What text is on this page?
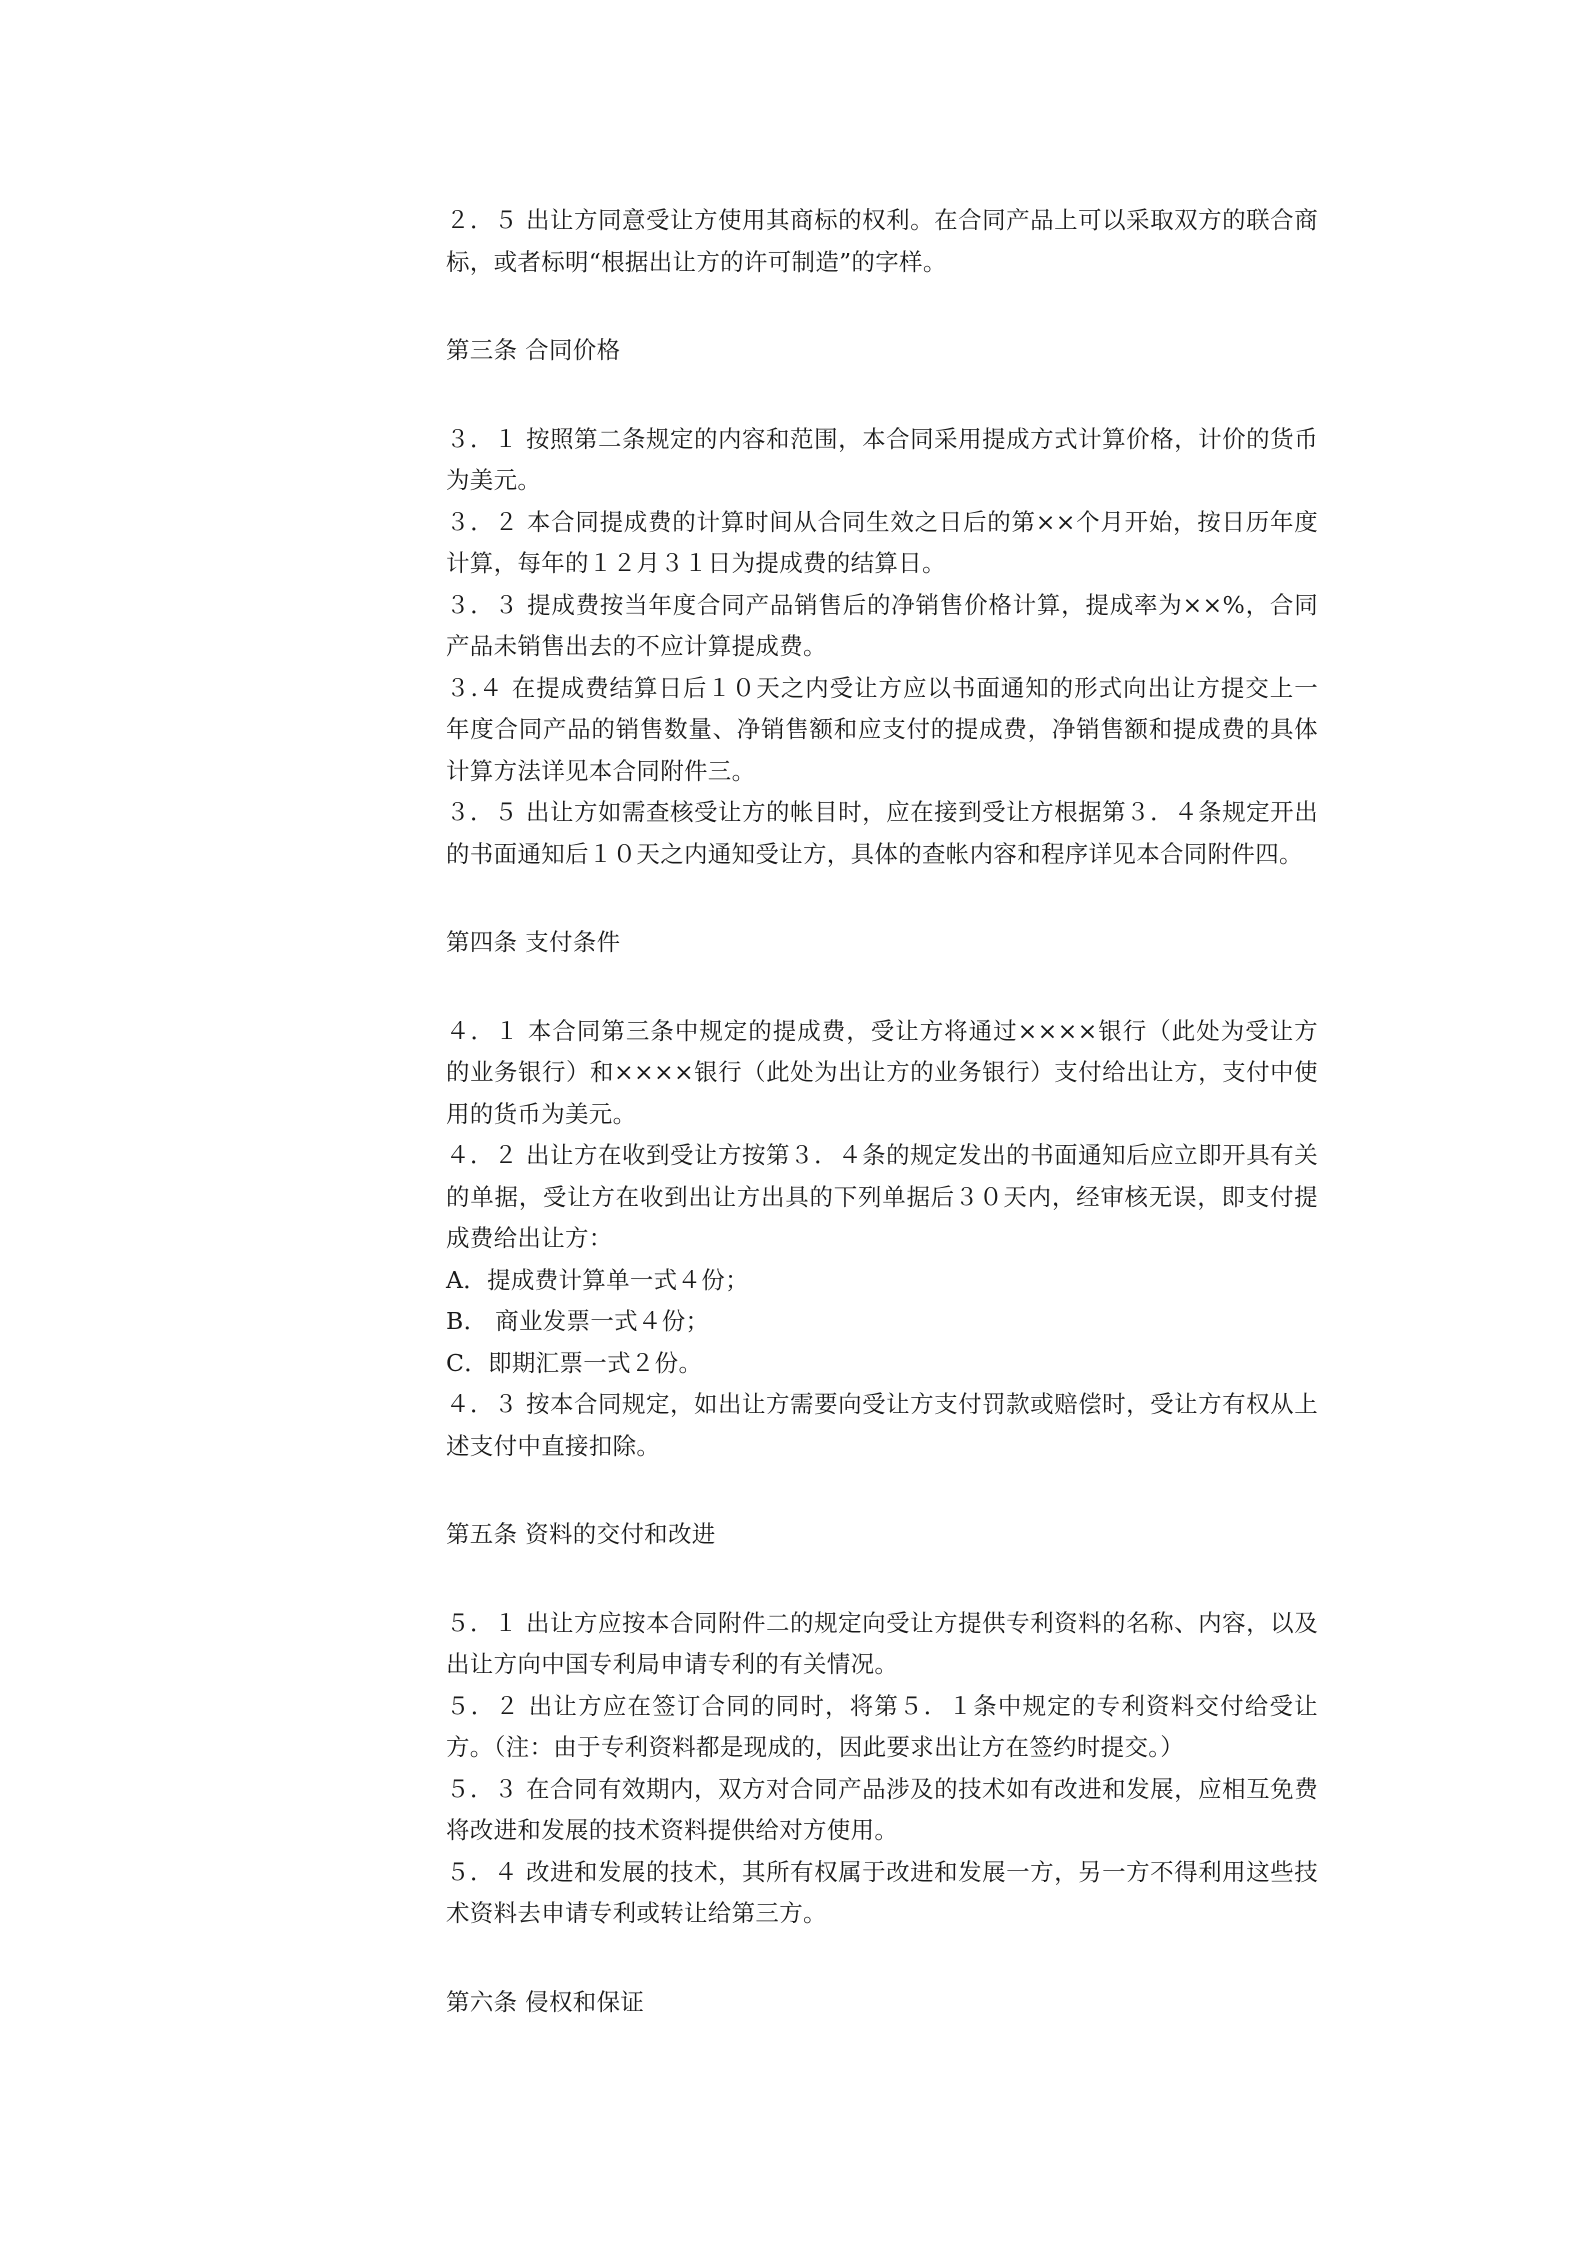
２．５ 出让方同意受让方使用其商标的权利。在合同产品上可以采取双方的联合商标，或者标明“根据出让方的许可制造”的字样。

第三条 合同价格

３．１ 按照第二条规定的内容和范围，本合同采用提成方式计算价格，计价的货币为美元。

３．２ 本合同提成费的计算时间从合同生效之日后的第××个月开始，按日历年度计算，每年的１２月３１日为提成费的结算日。

３．３ 提成费按当年度合同产品销售后的净销售价格计算，提成率为××%，合同产品未销售出去的不应计算提成费。

３.４ 在提成费结算日后１０天之内受让方应以书面通知的形式向出让方提交上一年度合同产品的销售数量、净销售额和应支付的提成费，净销售额和提成费的具体计算方法详见本合同附件三。

３．５ 出让方如需查核受让方的帐目时，应在接到受让方根据第３．４条规定开出的书面通知后１０天之内通知受让方，具体的查帐内容和程序详见本合同附件四。

第四条 支付条件

４．１ 本合同第三条中规定的提成费，受让方将通过××××银行（此处为受让方的业务银行）和××××银行（此处为出让方的业务银行）支付给出让方，支付中使用的货币为美元。

４．２ 出让方在收到受让方按第３．４条的规定发出的书面通知后应立即开具有关的单据，受让方在收到出让方出具的下列单据后３０天内，经审核无误，即支付提成费给出让方：

A．提成费计算单一式４份；

B． 商业发票一式４份；

C．即期汇票一式２份。

４．３ 按本合同规定，如出让方需要向受让方支付罚款或赔偿时，受让方有权从上述支付中直接扣除。

第五条 资料的交付和改进

５．１ 出让方应按本合同附件二的规定向受让方提供专利资料的名称、内容，以及出让方向中国专利局申请专利的有关情况。

５．２ 出让方应在签订合同的同时，将第５．１条中规定的专利资料交付给受让方。（注：由于专利资料都是现成的，因此要求出让方在签约时提交。）

５．３ 在合同有效期内，双方对合同产品涉及的技术如有改进和发展，应相互免费将改进和发展的技术资料提供给对方使用。

５．４ 改进和发展的技术，其所有权属于改进和发展一方，另一方不得利用这些技术资料去申请专利或转让给第三方。

第六条 侵权和保证
